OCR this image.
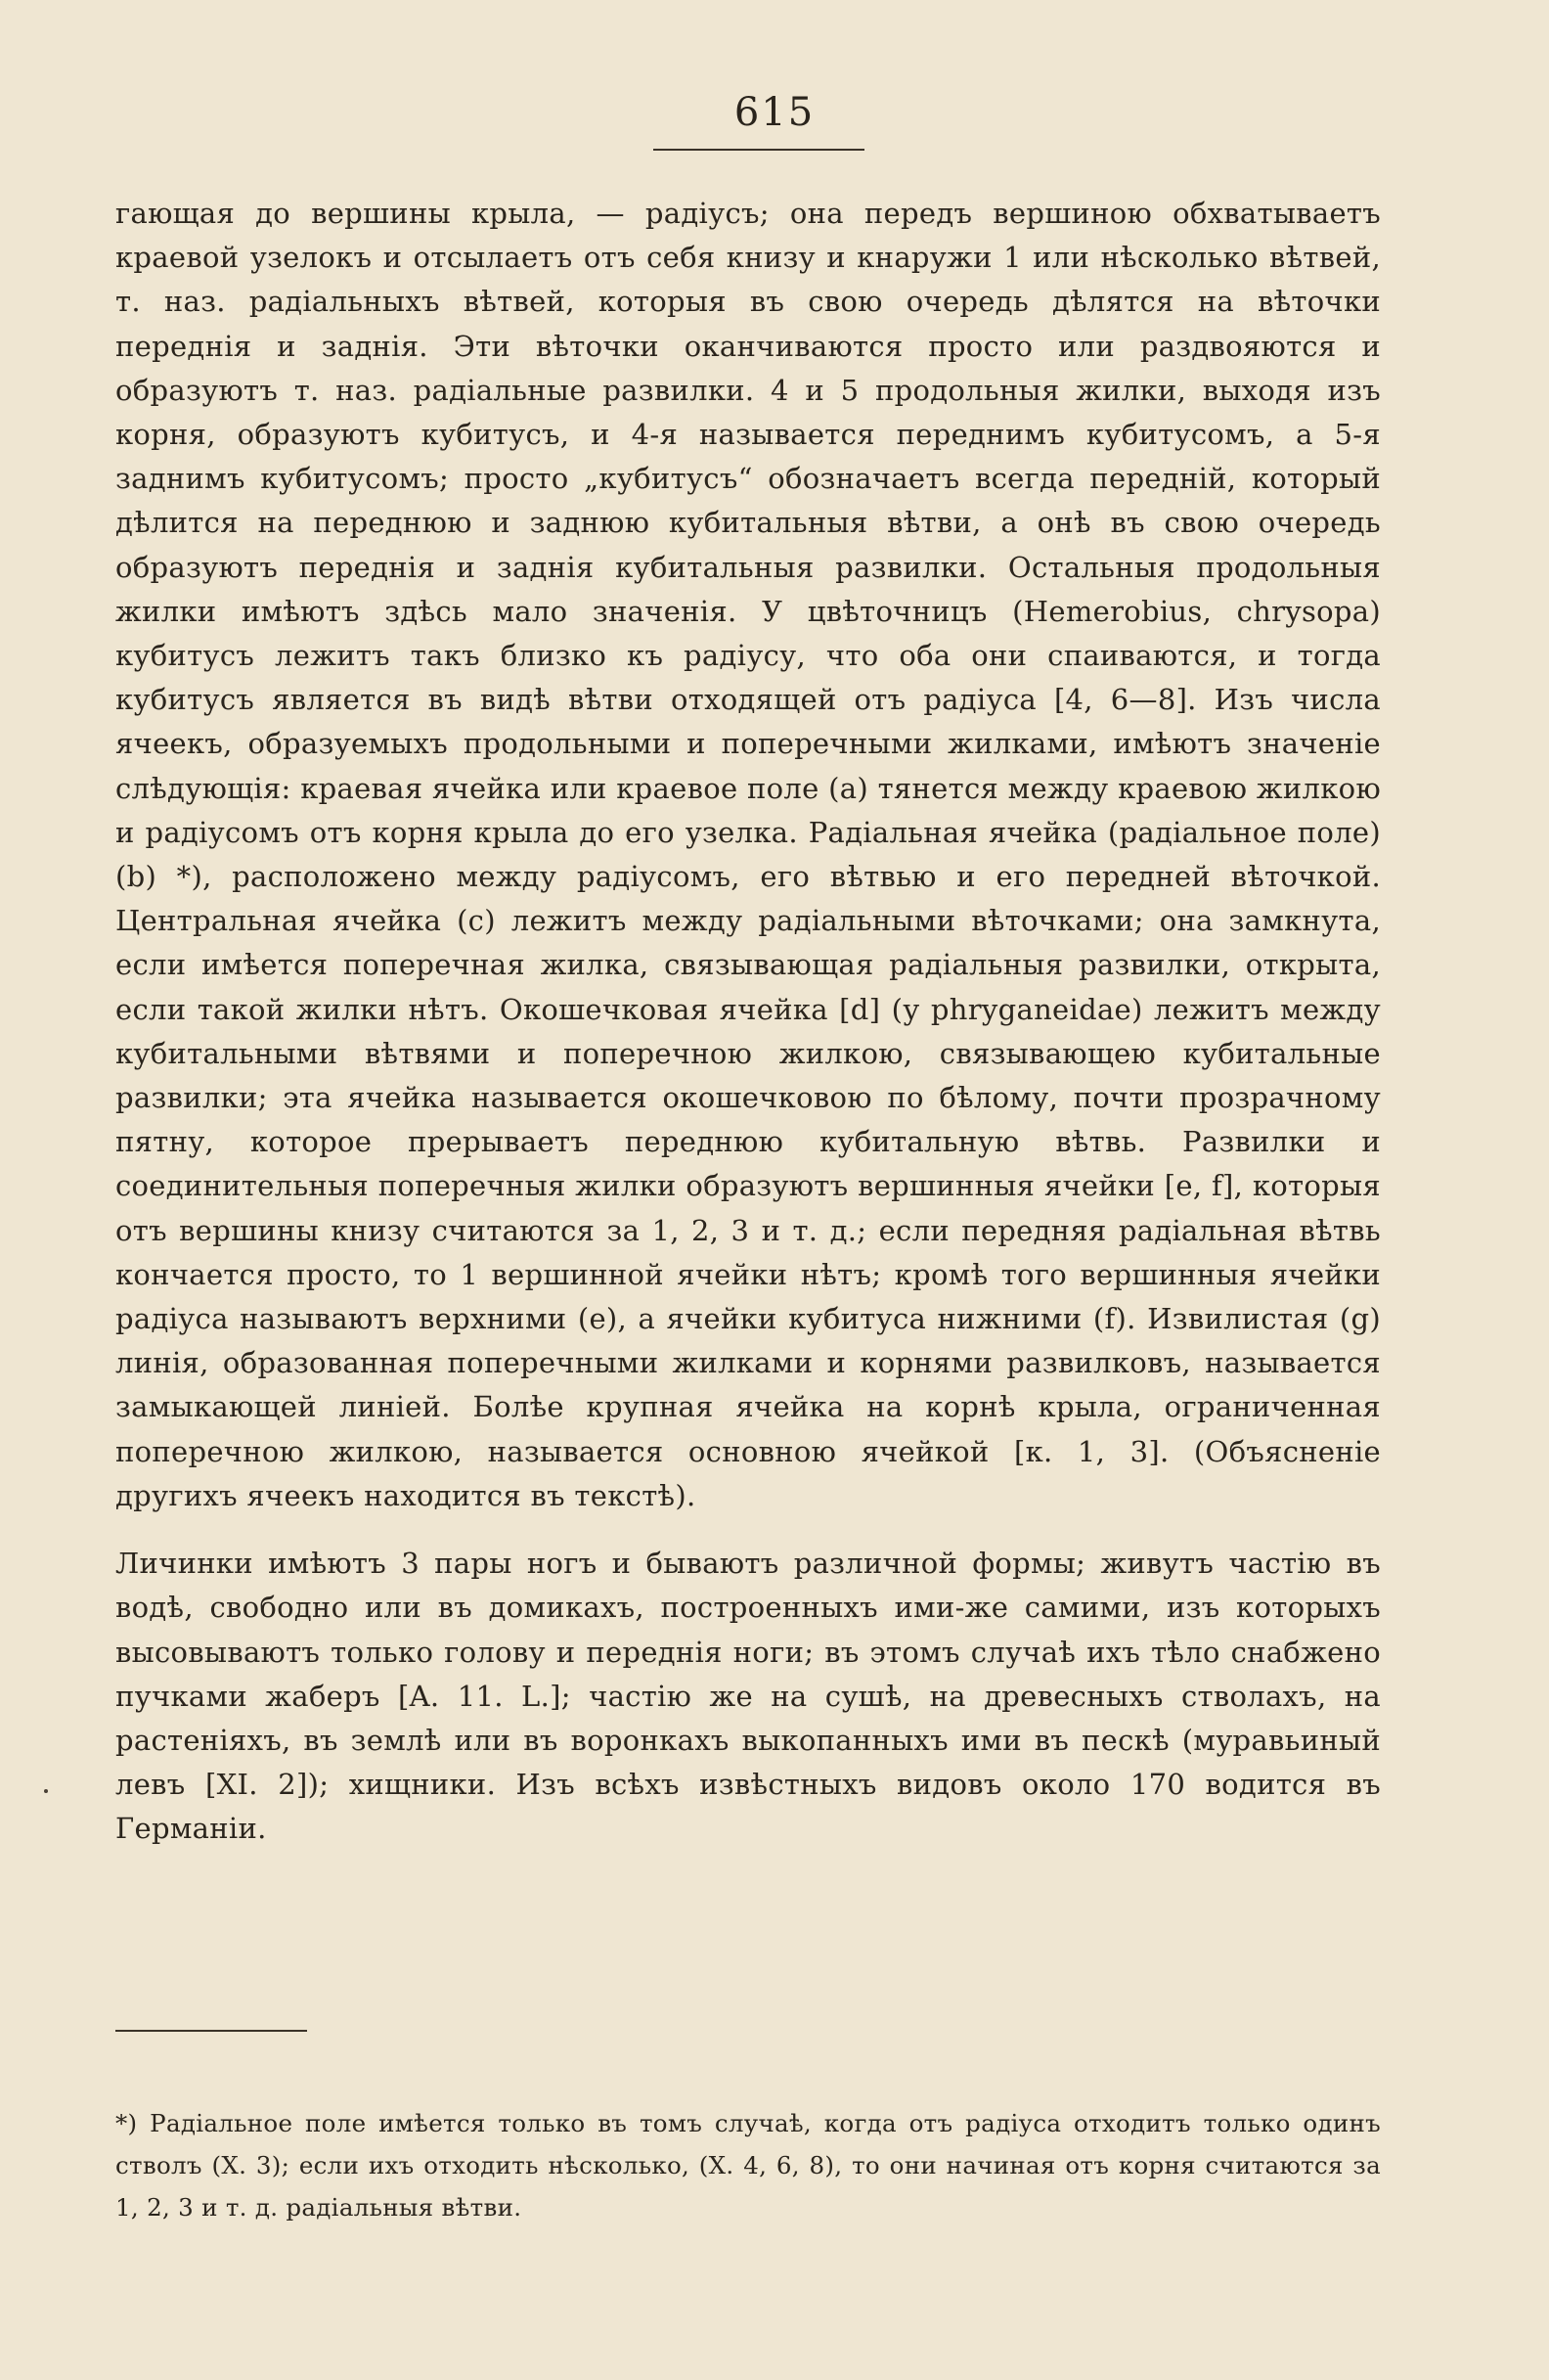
615

гающая до вершины крыла, — радіусъ; она передъ вершиною обхватываетъ краевой узелокъ и отсылаетъ отъ себя книзу и кнаружи 1 или нѣсколько вѣтвей, т. наз. радіальныхъ вѣтвей, которыя въ свою очередь дѣлятся на вѣточки переднія и заднія. Эти вѣточки оканчиваются просто или раздвояются и образуютъ т. наз. радіальные развилки. 4 и 5 продольныя жилки, выходя изъ корня, образуютъ кубитусъ, и 4-я называется переднимъ кубитусомъ, а 5-я заднимъ кубитусомъ; просто „кубитусъ“ обозначаетъ всегда передній, который дѣлится на переднюю и заднюю кубитальныя вѣтви, а онѣ въ свою очередь образуютъ переднія и заднія кубитальныя развилки. Остальныя продольныя жилки имѣютъ здѣсь мало значенія. У цвѣточницъ (Hemerobius, chrysopa) кубитусъ лежитъ такъ близко къ радіусу, что оба они спаиваются, и тогда кубитусъ является въ видѣ вѣтви отходящей отъ радіуса [4, 6—8]. Изъ числа ячеекъ, образуемыхъ продольными и поперечными жилками, имѣютъ значеніе слѣдующія: краевая ячейка или краевое поле (a) тянется между краевою жилкою и радіусомъ отъ корня крыла до его узелка. Радіальная ячейка (радіальное поле) (b) *), расположено между радіусомъ, его вѣтвью и его передней вѣточкой. Центральная ячейка (c) лежитъ между радіальными вѣточками; она замкнута, если имѣется поперечная жилка, связывающая радіальныя развилки, открыта, если такой жилки нѣтъ. Окошечковая ячейка [d] (у phryganeidae) лежитъ между кубитальными вѣтвями и поперечною жилкою, связывающею кубитальные развилки; эта ячейка называется окошечковою по бѣлому, почти прозрачному пятну, которое прерываетъ переднюю кубитальную вѣтвь. Развилки и соединительныя поперечныя жилки образуютъ вершинныя ячейки [e, f], которыя отъ вершины книзу считаются за 1, 2, 3 и т. д.; если передняя радіальная вѣтвь кончается просто, то 1 вершинной ячейки нѣтъ; кромѣ того вершинныя ячейки радіуса называютъ верхними (e), а ячейки кубитуса нижними (f). Извилистая (g) линія, образованная поперечными жилками и корнями развилковъ, называется замыкающей линіей. Болѣе крупная ячейка на корнѣ крыла, ограниченная поперечною жилкою, называется основною ячейкой [к. 1, 3]. (Объясненіе другихъ ячеекъ находится въ текстѣ).

Личинки имѣютъ 3 пары ногъ и бываютъ различной формы; живутъ частію въ водѣ, свободно или въ домикахъ, построенныхъ ими-же самими, изъ которыхъ высовываютъ только голову и переднія ноги; въ этомъ случаѣ ихъ тѣло снабжено пучками жаберъ [A. 11. L.]; частію же на сушѣ, на древесныхъ стволахъ, на растеніяхъ, въ землѣ или въ воронкахъ выкопанныхъ ими въ пескѣ (муравьиный левъ [XI. 2]); хищники. Изъ всѣхъ извѣстныхъ видовъ около 170 водится въ Германіи.

*) Радіальное поле имѣется только въ томъ случаѣ, когда отъ радіуса отходитъ только одинъ стволъ (X. 3); если ихъ отходить нѣсколько, (X. 4, 6, 8), то они начиная отъ корня считаются за 1, 2, 3 и т. д. радіальныя вѣтви.
